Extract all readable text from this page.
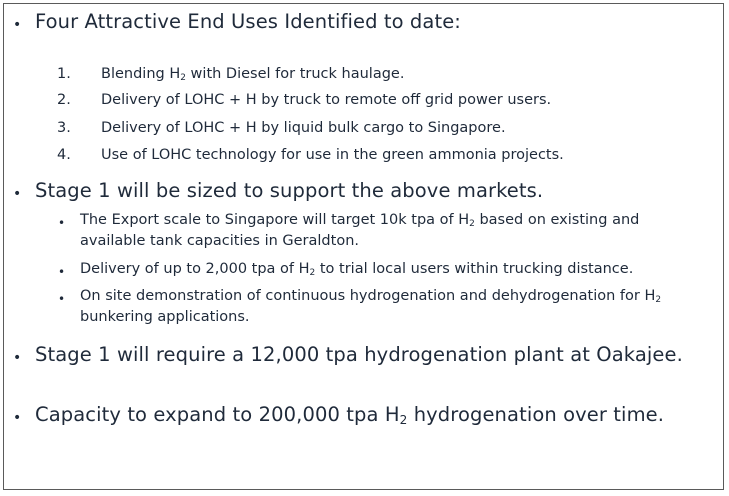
• Four Attractive End Uses Identified to date:
1. Blending $H_2$ with Diesel for truck haulage.
2. Delivery of LOHC + H by truck to remote off grid power users.
3. Delivery of LOHC + H by liquid bulk cargo to Singapore.
4. Use of LOHC technology for use in the green ammonia projects.
• Stage 1 will be sized to support the above markets.
• The Export scale to Singapore will target 10k tpa of $H_2$ based on existing and
available tank capacities in Geraldton.
• Delivery of up to 2,000 tpa of $H_2$ to trial local users within trucking distance.
• On site demonstration of continuous hydrogenation and dehydrogenation for $H_2$
bunkering applications.
• Stage 1 will require a 12,000 tpa hydrogenation plant at Oakajee.
• Capacity to expand to 200,000 tpa $H_2$ hydrogenation over time.
